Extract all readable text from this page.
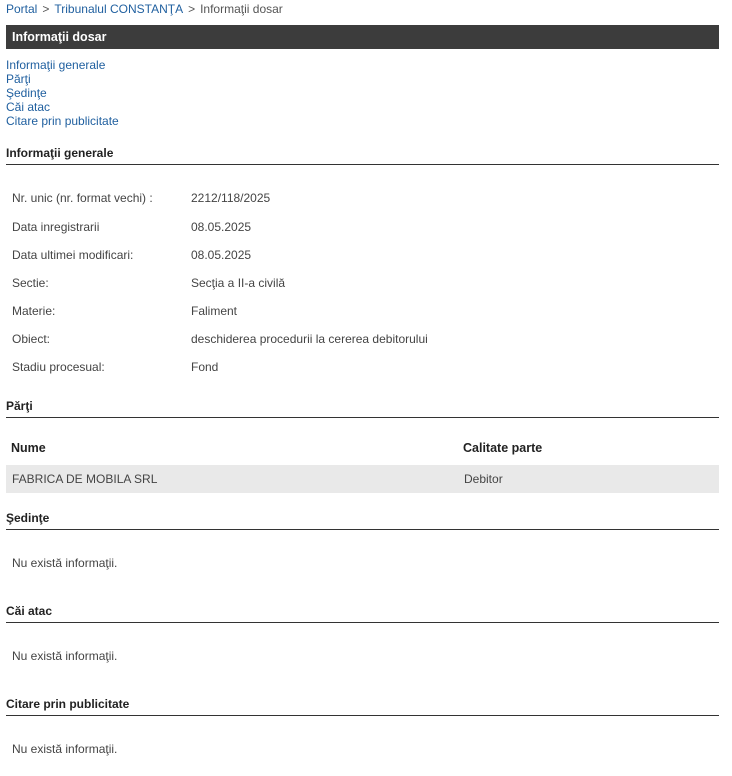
Portal > Tribunalul CONSTANŢA > Informaţii dosar
Informaţii dosar
Informaţii generale
Părţi
Şedinţe
Căi atac
Citare prin publicitate
Informaţii generale
Nr. unic (nr. format vechi) :	2212/118/2025
Data inregistrarii	08.05.2025
Data ultimei modificari:	08.05.2025
Sectie:	Secţia a II-a civilă
Materie:	Faliment
Obiect:	deschiderea procedurii la cererea debitorului
Stadiu procesual:	Fond
Părţi
Nume	Calitate parte
FABRICA DE MOBILA SRL	Debitor
Şedinţe
Nu există informaţii.
Căi atac
Nu există informaţii.
Citare prin publicitate
Nu există informaţii.
